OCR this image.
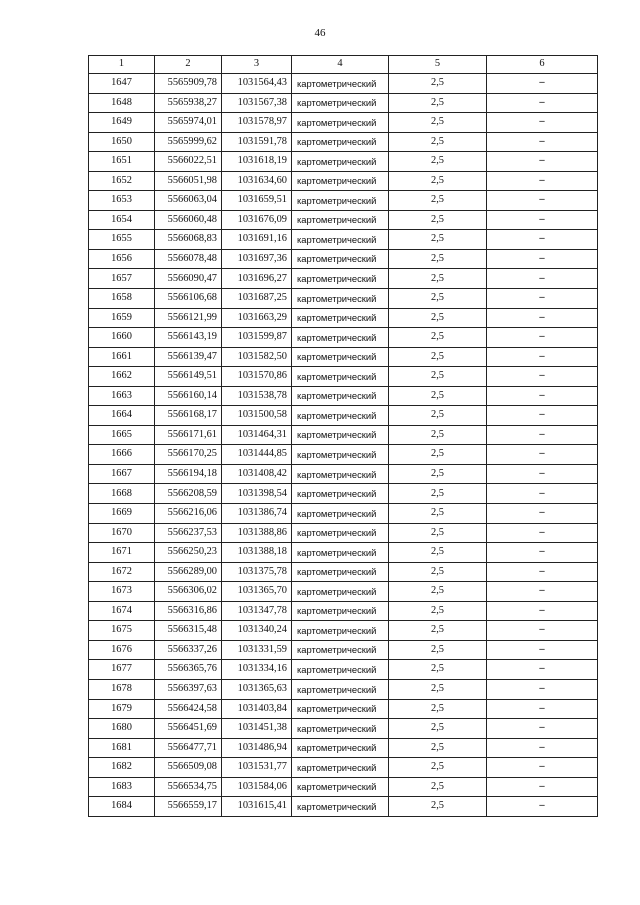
46
1	2	3	4	5	6
1647	5565909,78	1031564,43	картометрический	2,5	–
1648	5565938,27	1031567,38	картометрический	2,5	–
1649	5565974,01	1031578,97	картометрический	2,5	–
1650	5565999,62	1031591,78	картометрический	2,5	–
1651	5566022,51	1031618,19	картометрический	2,5	–
1652	5566051,98	1031634,60	картометрический	2,5	–
1653	5566063,04	1031659,51	картометрический	2,5	–
1654	5566060,48	1031676,09	картометрический	2,5	–
1655	5566068,83	1031691,16	картометрический	2,5	–
1656	5566078,48	1031697,36	картометрический	2,5	–
1657	5566090,47	1031696,27	картометрический	2,5	–
1658	5566106,68	1031687,25	картометрический	2,5	–
1659	5566121,99	1031663,29	картометрический	2,5	–
1660	5566143,19	1031599,87	картометрический	2,5	–
1661	5566139,47	1031582,50	картометрический	2,5	–
1662	5566149,51	1031570,86	картометрический	2,5	–
1663	5566160,14	1031538,78	картометрический	2,5	–
1664	5566168,17	1031500,58	картометрический	2,5	–
1665	5566171,61	1031464,31	картометрический	2,5	–
1666	5566170,25	1031444,85	картометрический	2,5	–
1667	5566194,18	1031408,42	картометрический	2,5	–
1668	5566208,59	1031398,54	картометрический	2,5	–
1669	5566216,06	1031386,74	картометрический	2,5	–
1670	5566237,53	1031388,86	картометрический	2,5	–
1671	5566250,23	1031388,18	картометрический	2,5	–
1672	5566289,00	1031375,78	картометрический	2,5	–
1673	5566306,02	1031365,70	картометрический	2,5	–
1674	5566316,86	1031347,78	картометрический	2,5	–
1675	5566315,48	1031340,24	картометрический	2,5	–
1676	5566337,26	1031331,59	картометрический	2,5	–
1677	5566365,76	1031334,16	картометрический	2,5	–
1678	5566397,63	1031365,63	картометрический	2,5	–
1679	5566424,58	1031403,84	картометрический	2,5	–
1680	5566451,69	1031451,38	картометрический	2,5	–
1681	5566477,71	1031486,94	картометрический	2,5	–
1682	5566509,08	1031531,77	картометрический	2,5	–
1683	5566534,75	1031584,06	картометрический	2,5	–
1684	5566559,17	1031615,41	картометрический	2,5	–
